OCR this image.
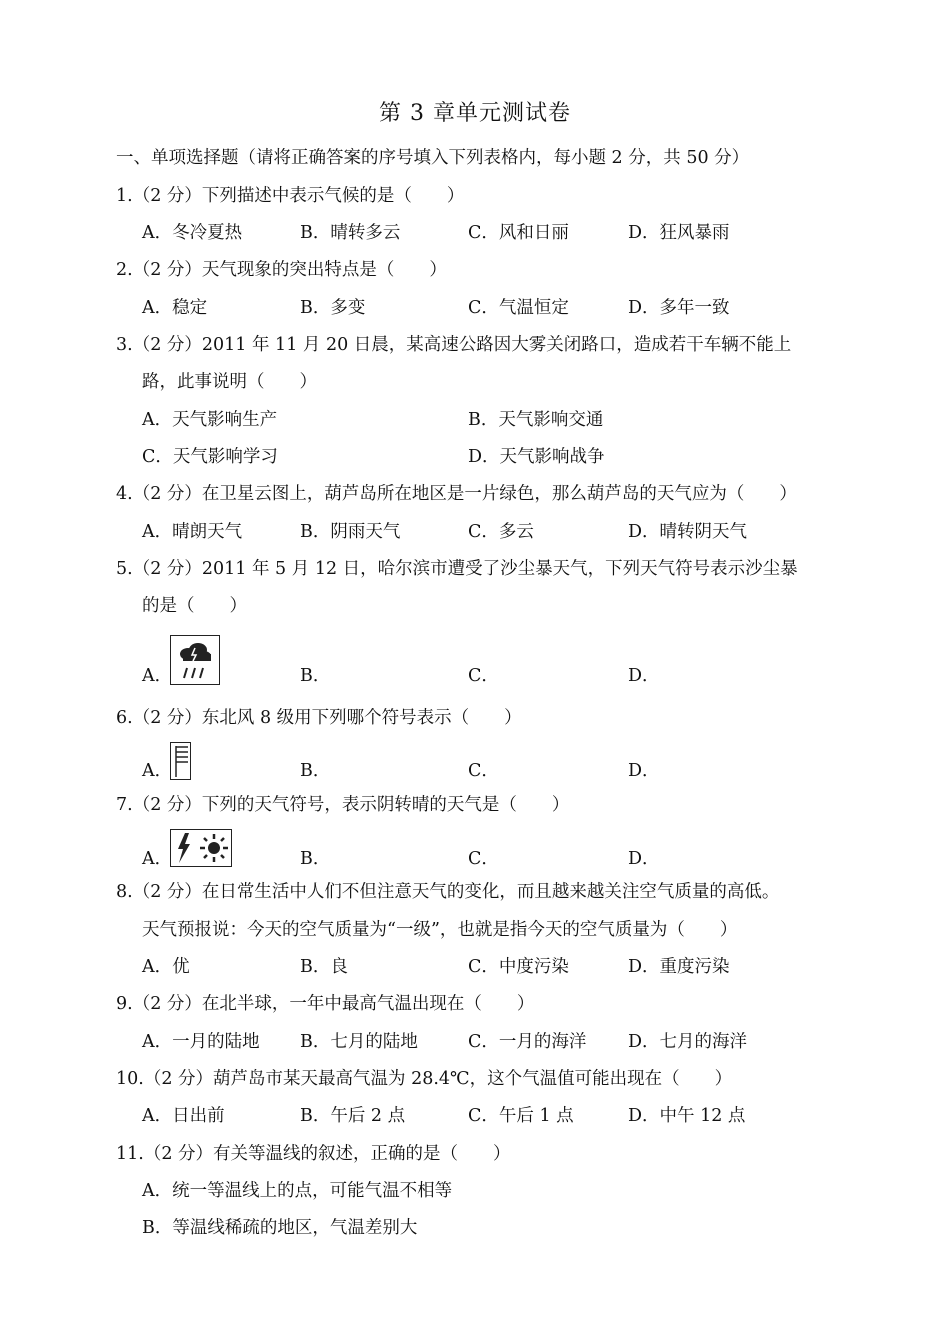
第 3 章单元测试卷
一、单项选择题（请将正确答案的序号填入下列表格内，每小题 2 分，共 50 分）
1.（2 分）下列描述中表示气候的是（　　）
A．冬冷夏热	B．晴转多云	C．风和日丽	D．狂风暴雨
2.（2 分）天气现象的突出特点是（　　）
A．稳定	B．多变	C．气温恒定	D．多年一致
3.（2 分）2011 年 11 月 20 日晨，某高速公路因大雾关闭路口，造成若干车辆不能上
路，此事说明（　　）
A．天气影响生产	B．天气影响交通
C．天气影响学习	D．天气影响战争
4.（2 分）在卫星云图上，葫芦岛所在地区是一片绿色，那么葫芦岛的天气应为（　　）
A．晴朗天气	B．阴雨天气	C．多云	D．晴转阴天气
5.（2 分）2011 年 5 月 12 日，哈尔滨市遭受了沙尘暴天气，下列天气符号表示沙尘暴
的是（　　）
A．	B．	C．	D．
6.（2 分）东北风 8 级用下列哪个符号表示（　　）
A．	B．	C．	D．
7.（2 分）下列的天气符号，表示阴转晴的天气是（　　）
A．	B．	C．	D．
8.（2 分）在日常生活中人们不但注意天气的变化，而且越来越关注空气质量的高低。
天气预报说：今天的空气质量为“一级”，也就是指今天的空气质量为（　　）
A．优	B．良	C．中度污染	D．重度污染
9.（2 分）在北半球，一年中最高气温出现在（　　）
A．一月的陆地 B．七月的陆地	C．一月的海洋 D．七月的海洋
10.（2 分）葫芦岛市某天最高气温为 28.4℃，这个气温值可能出现在（　　）
A．日出前	B．午后 2 点	C．午后 1 点	D．中午 12 点
11.（2 分）有关等温线的叙述，正确的是（　　）
A．统一等温线上的点，可能气温不相等
B．等温线稀疏的地区，气温差别大
